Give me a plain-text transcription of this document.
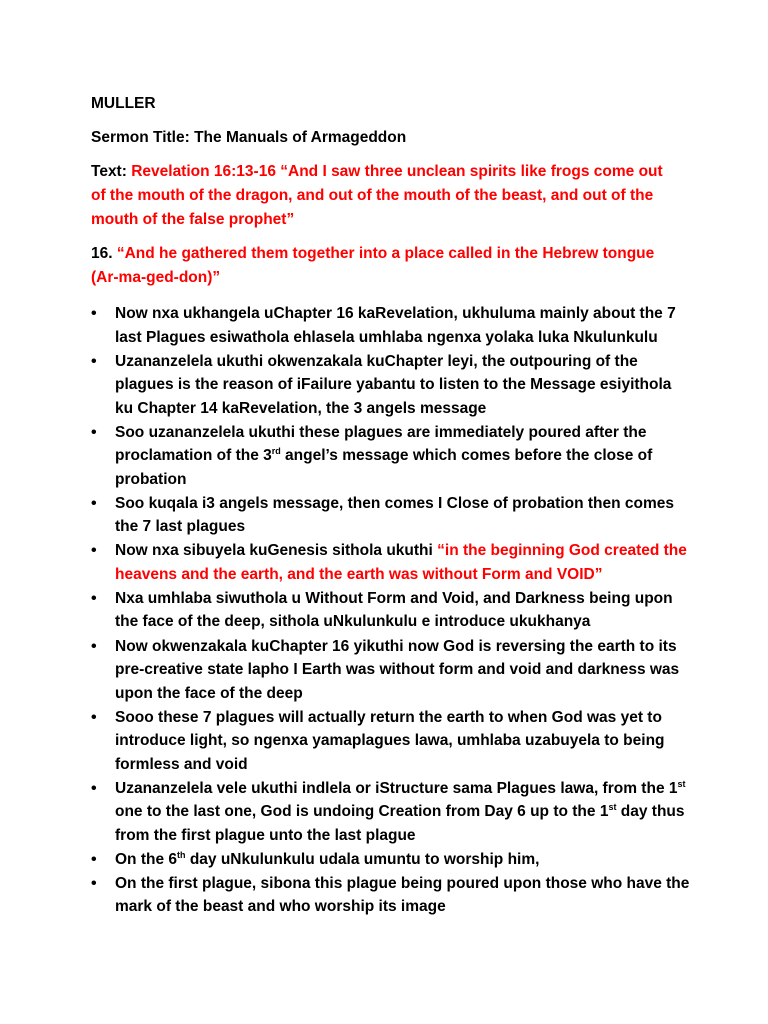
MULLER
Sermon Title: The Manuals of Armageddon
Text: Revelation 16:13-16 “And I saw three unclean spirits like frogs come out of the mouth of the dragon, and out of the mouth of the beast, and out of the mouth of the false prophet”
16. “And he gathered them together into a place called in the Hebrew tongue (Ar-ma-ged-don)”
• Now nxa ukhangela uChapter 16 kaRevelation, ukhuluma mainly about the 7 last Plagues esiwathola ehlasela umhlaba ngenxa yolaka luka Nkulunkulu
• Uzananzelela ukuthi okwenzakala kuChapter leyi, the outpouring of the plagues is the reason of iFailure yabantu to listen to the Message esiyithola ku Chapter 14 kaRevelation, the 3 angels message
• Soo uzananzelela ukuthi these plagues are immediately poured after the proclamation of the 3rd angel’s message which comes before the close of probation
• Soo kuqala i3 angels message, then comes I Close of probation then comes the 7 last plagues
• Now nxa sibuyela kuGenesis sithola ukuthi “in the beginning God created the heavens and the earth, and the earth was without Form and VOID”
• Nxa umhlaba siwuthola u Without Form and Void, and Darkness being upon the face of the deep, sithola uNkulunkulu e introduce ukukhanya
• Now okwenzakala kuChapter 16 yikuthi now God is reversing the earth to its pre-creative state lapho I Earth was without form and void and darkness was upon the face of the deep
• Sooo these 7 plagues will actually return the earth to when God was yet to introduce light, so ngenxa yamaplagues lawa, umhlaba uzabuyela to being formless and void
• Uzananzelela vele ukuthi indlela or iStructure sama Plagues lawa, from the 1st one to the last one, God is undoing Creation from Day 6 up to the 1st day thus from the first plague unto the last plague
• On the 6th day uNkulunkulu udala umuntu to worship him,
• On the first plague, sibona this plague being poured upon those who have the mark of the beast and who worship its image
